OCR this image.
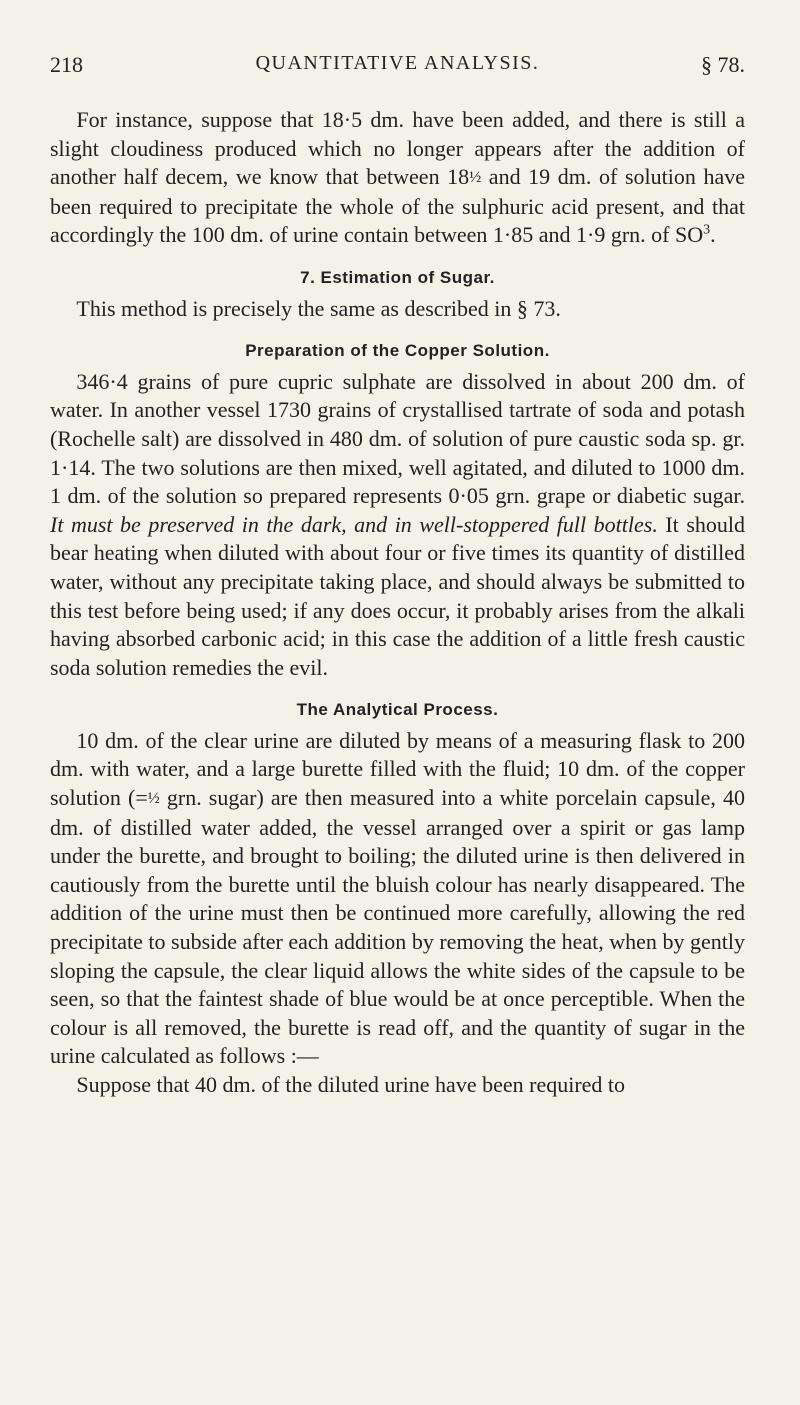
218	QUANTITATIVE ANALYSIS.	§ 78.

For instance, suppose that 18·5 dm. have been added, and there is still a slight cloudiness produced which no longer appears after the addition of another half decem, we know that between 18½ and 19 dm. of solution have been required to precipitate the whole of the sulphuric acid present, and that accordingly the 100 dm. of urine contain between 1·85 and 1·9 grn. of $SO^3$.

7. Estimation of Sugar.

This method is precisely the same as described in § 73.

Preparation of the Copper Solution.

346·4 grains of pure cupric sulphate are dissolved in about 200 dm. of water. In another vessel 1730 grains of crystallised tartrate of soda and potash (Rochelle salt) are dissolved in 480 dm. of solution of pure caustic soda sp. gr. 1·14. The two solutions are then mixed, well agitated, and diluted to 1000 dm. 1 dm. of the solution so prepared represents 0·05 grn. grape or diabetic sugar. It must be preserved in the dark, and in well-stoppered full bottles. It should bear heating when diluted with about four or five times its quantity of distilled water, without any precipitate taking place, and should always be submitted to this test before being used; if any does occur, it probably arises from the alkali having absorbed carbonic acid; in this case the addition of a little fresh caustic soda solution remedies the evil.

The Analytical Process.

10 dm. of the clear urine are diluted by means of a measuring flask to 200 dm. with water, and a large burette filled with the fluid; 10 dm. of the copper solution (=½ grn. sugar) are then measured into a white porcelain capsule, 40 dm. of distilled water added, the vessel arranged over a spirit or gas lamp under the burette, and brought to boiling; the diluted urine is then delivered in cautiously from the burette until the bluish colour has nearly disappeared. The addition of the urine must then be continued more carefully, allowing the red precipitate to subside after each addition by removing the heat, when by gently sloping the capsule, the clear liquid allows the white sides of the capsule to be seen, so that the faintest shade of blue would be at once perceptible. When the colour is all removed, the burette is read off, and the quantity of sugar in the urine calculated as follows :—

Suppose that 40 dm. of the diluted urine have been required to
